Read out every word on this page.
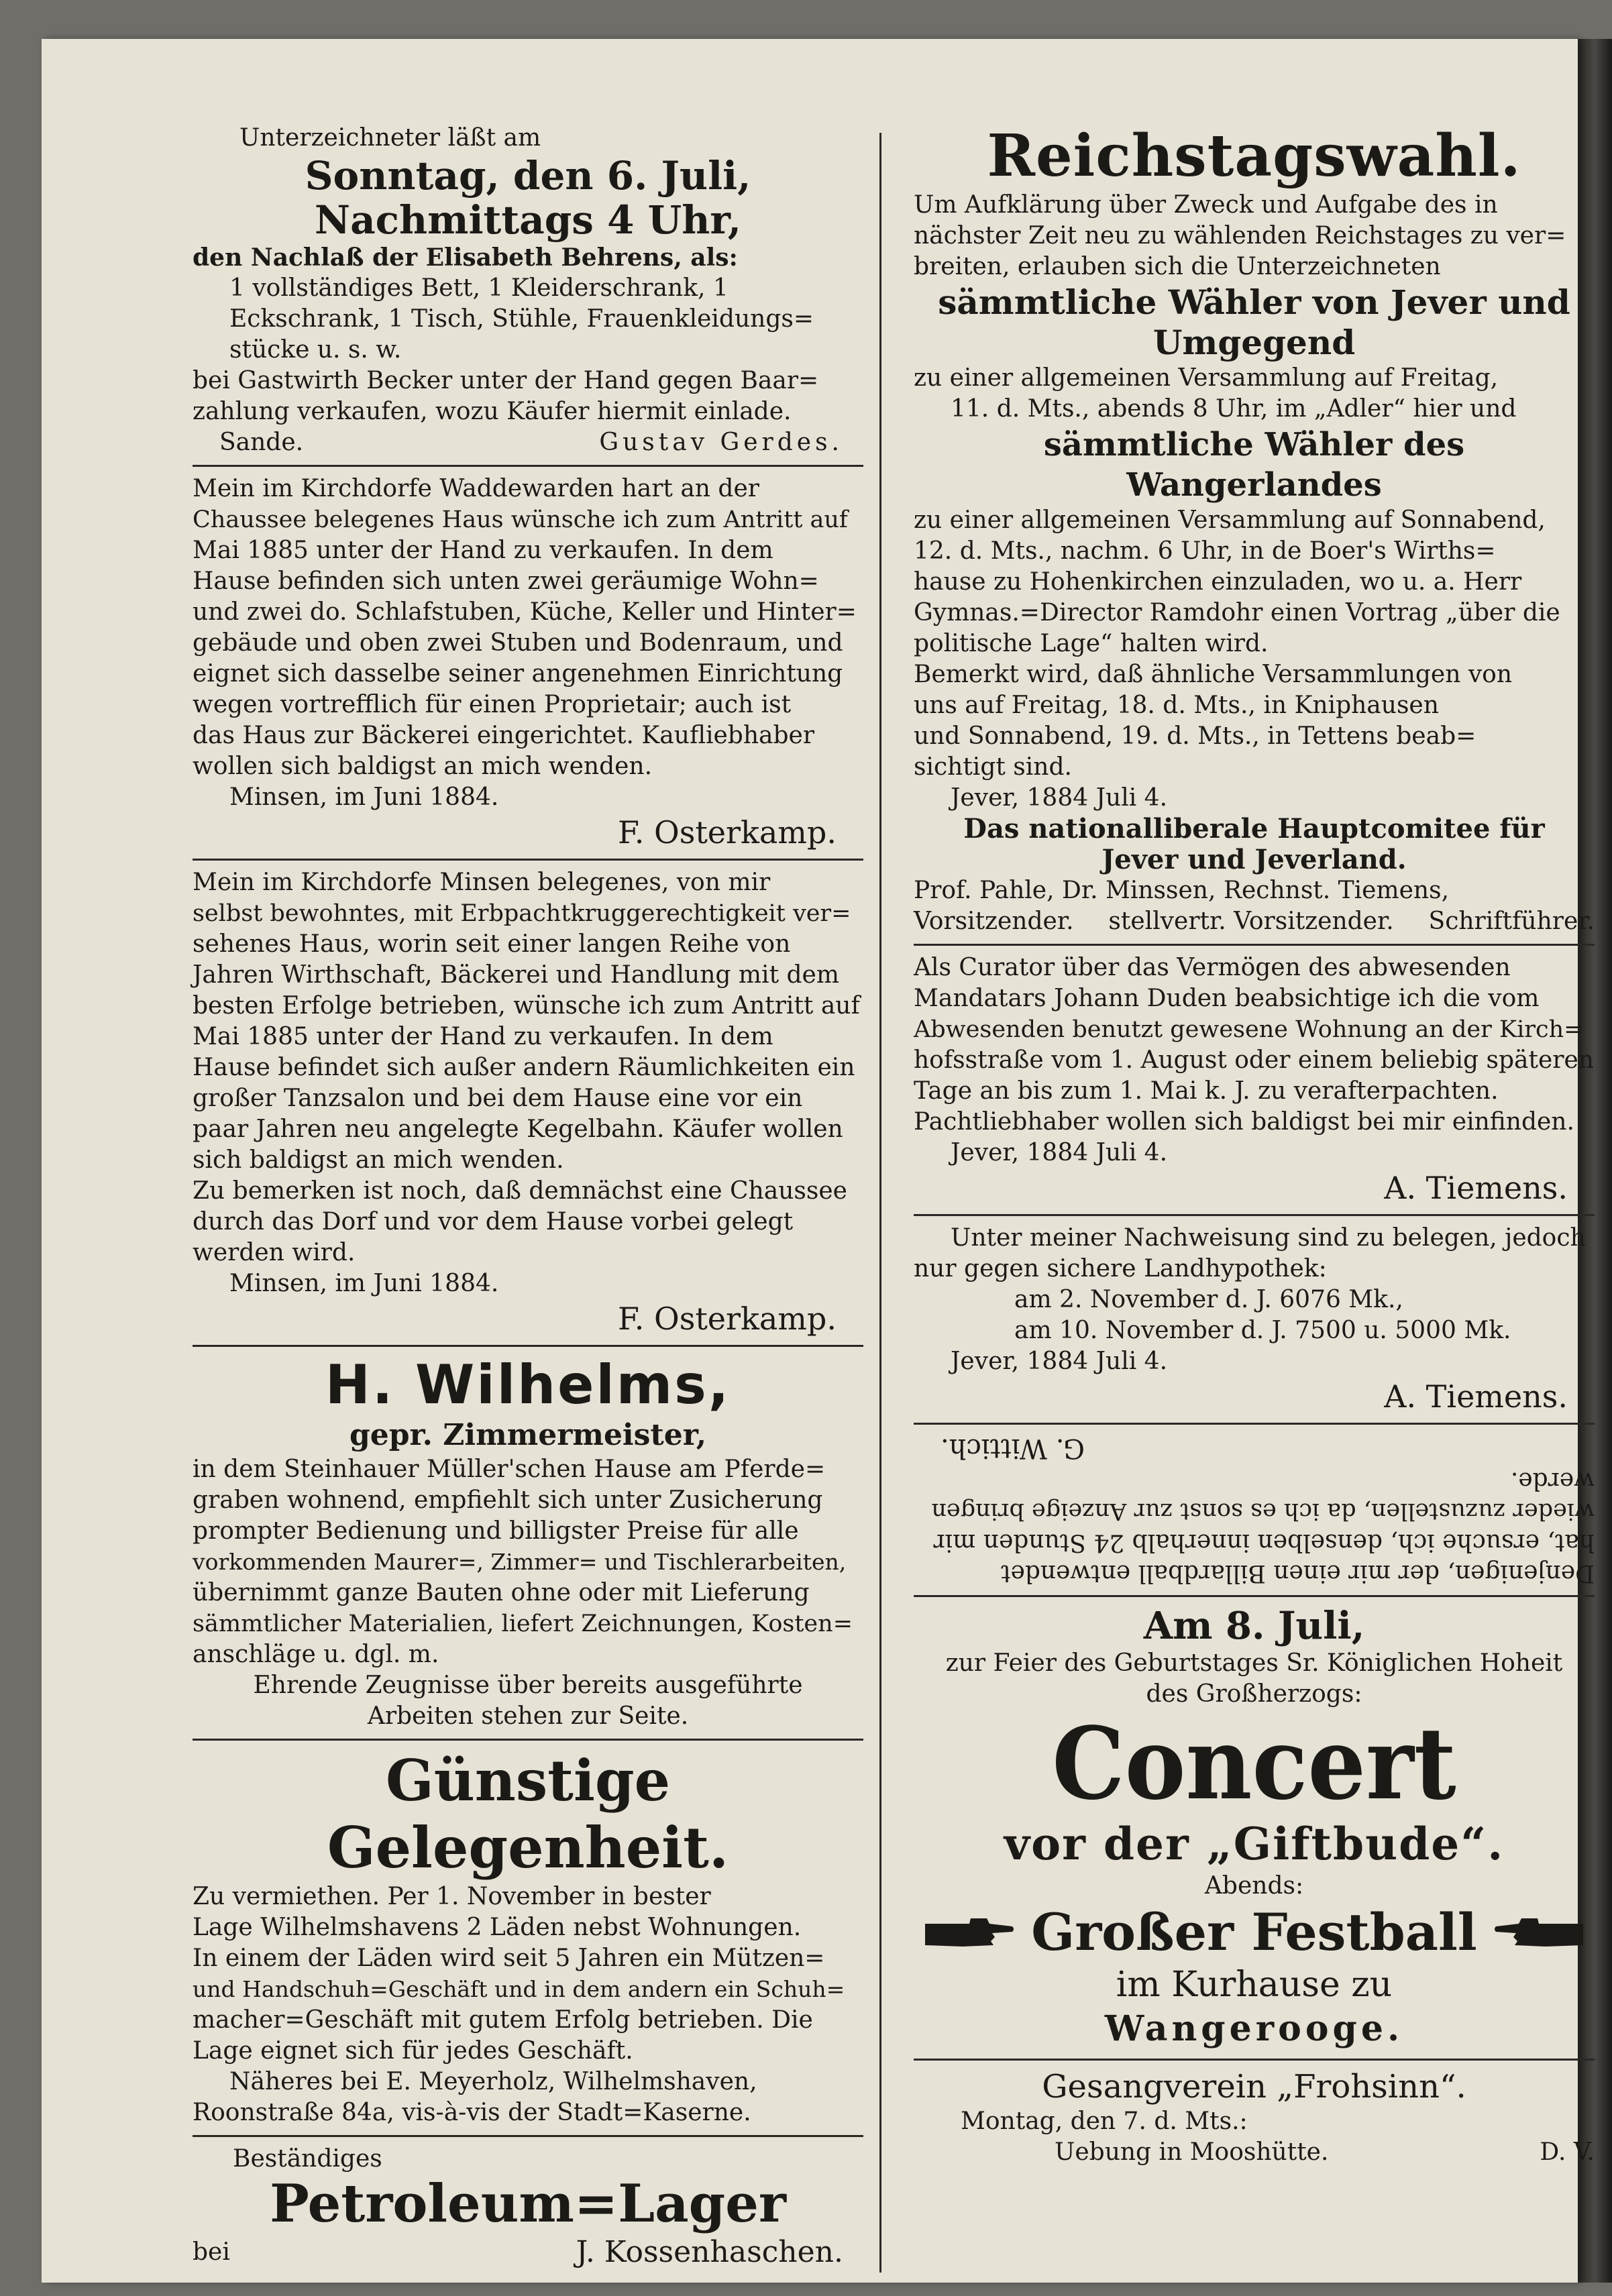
Unterzeichneter läßt am
Sonntag, den 6. Juli,
Nachmittags 4 Uhr,
den Nachlaß der Elisabeth Behrens, als:
1 vollständiges Bett, 1 Kleiderschrank, 1
Eckschrank, 1 Tisch, Stühle, Frauenkleidungs=
stücke u. s. w.
bei Gastwirth Becker unter der Hand gegen Baar=
zahlung verkaufen, wozu Käufer hiermit einlade.
Sande.	Gustav Gerdes.
Mein im Kirchdorfe Waddewarden hart an der
Chaussee belegenes Haus wünsche ich zum Antritt auf
Mai 1885 unter der Hand zu verkaufen. In dem
Hause befinden sich unten zwei geräumige Wohn=
und zwei do. Schlafstuben, Küche, Keller und Hinter=
gebäude und oben zwei Stuben und Bodenraum, und
eignet sich dasselbe seiner angenehmen Einrichtung
wegen vortrefflich für einen Proprietair; auch ist
das Haus zur Bäckerei eingerichtet. Kaufliebhaber
wollen sich baldigst an mich wenden.
Minsen, im Juni 1884.
F. Osterkamp.
Mein im Kirchdorfe Minsen belegenes, von mir
selbst bewohntes, mit Erbpachtkruggerechtigkeit ver=
sehenes Haus, worin seit einer langen Reihe von
Jahren Wirthschaft, Bäckerei und Handlung mit dem
besten Erfolge betrieben, wünsche ich zum Antritt auf
Mai 1885 unter der Hand zu verkaufen. In dem
Hause befindet sich außer andern Räumlichkeiten ein
großer Tanzsalon und bei dem Hause eine vor ein
paar Jahren neu angelegte Kegelbahn. Käufer wollen
sich baldigst an mich wenden.
Zu bemerken ist noch, daß demnächst eine Chaussee
durch das Dorf und vor dem Hause vorbei gelegt
werden wird.
Minsen, im Juni 1884.
F. Osterkamp.
H. Wilhelms,
gepr. Zimmermeister,
in dem Steinhauer Müller'schen Hause am Pferde=
graben wohnend, empfiehlt sich unter Zusicherung
prompter Bedienung und billigster Preise für alle
vorkommenden Maurer=, Zimmer= und Tischlerarbeiten,
übernimmt ganze Bauten ohne oder mit Lieferung
sämmtlicher Materialien, liefert Zeichnungen, Kosten=
anschläge u. dgl. m.
Ehrende Zeugnisse über bereits ausgeführte
Arbeiten stehen zur Seite.
Günstige Gelegenheit.
Zu vermiethen. Per 1. November in bester
Lage Wilhelmshavens 2 Läden nebst Wohnungen.
In einem der Läden wird seit 5 Jahren ein Mützen=
und Handschuh=Geschäft und in dem andern ein Schuh=
macher=Geschäft mit gutem Erfolg betrieben. Die
Lage eignet sich für jedes Geschäft.
Näheres bei E. Meyerholz, Wilhelmshaven,
Roonstraße 84a, vis-à-vis der Stadt=Kaserne.
Beständiges
Petroleum=Lager
bei	J. Kossenhaschen.
Reichstagswahl.
Um Aufklärung über Zweck und Aufgabe des in
nächster Zeit neu zu wählenden Reichstages zu ver=
breiten, erlauben sich die Unterzeichneten
sämmtliche Wähler von Jever und
Umgegend
zu einer allgemeinen Versammlung auf Freitag,
11. d. Mts., abends 8 Uhr, im „Adler“ hier und
sämmtliche Wähler des Wangerlandes
zu einer allgemeinen Versammlung auf Sonnabend,
12. d. Mts., nachm. 6 Uhr, in de Boer's Wirths=
hause zu Hohenkirchen einzuladen, wo u. a. Herr
Gymnas.=Director Ramdohr einen Vortrag „über die
politische Lage“ halten wird.
Bemerkt wird, daß ähnliche Versammlungen von
uns auf Freitag, 18. d. Mts., in Kniphausen
und Sonnabend, 19. d. Mts., in Tettens beab=
sichtigt sind.
Jever, 1884 Juli 4.
Das nationalliberale Hauptcomitee für
Jever und Jeverland.
Prof. Pahle, Dr. Minssen, Rechnst. Tiemens,
Vorsitzender. stellvertr. Vorsitzender. Schriftführer.
Als Curator über das Vermögen des abwesenden
Mandatars Johann Duden beabsichtige ich die vom
Abwesenden benutzt gewesene Wohnung an der Kirch=
hofsstraße vom 1. August oder einem beliebig späteren
Tage an bis zum 1. Mai k. J. zu verafterpachten.
Pachtliebhaber wollen sich baldigst bei mir einfinden.
Jever, 1884 Juli 4.
A. Tiemens.
Unter meiner Nachweisung sind zu belegen, jedoch
nur gegen sichere Landhypothek:
am 2. November d. J. 6076 Mk.,
am 10. November d. J. 7500 u. 5000 Mk.
Jever, 1884 Juli 4.
A. Tiemens.
Denjenigen, der mir einen Billardball entwendet
hat, ersuche ich, denselben innerhalb 24 Stunden mir
wieder zuzustellen, da ich es sonst zur Anzeige bringen
werde.
G. Wittich.
Am 8. Juli,
zur Feier des Geburtstages Sr. Königlichen Hoheit
des Großherzogs:
Concert
vor der „Giftbude“.
Abends:
Großer Festball
im Kurhause zu
Wangerooge.
Gesangverein „Frohsinn“.
Montag, den 7. d. Mts.:
Uebung in Mooshütte.	D. V.
